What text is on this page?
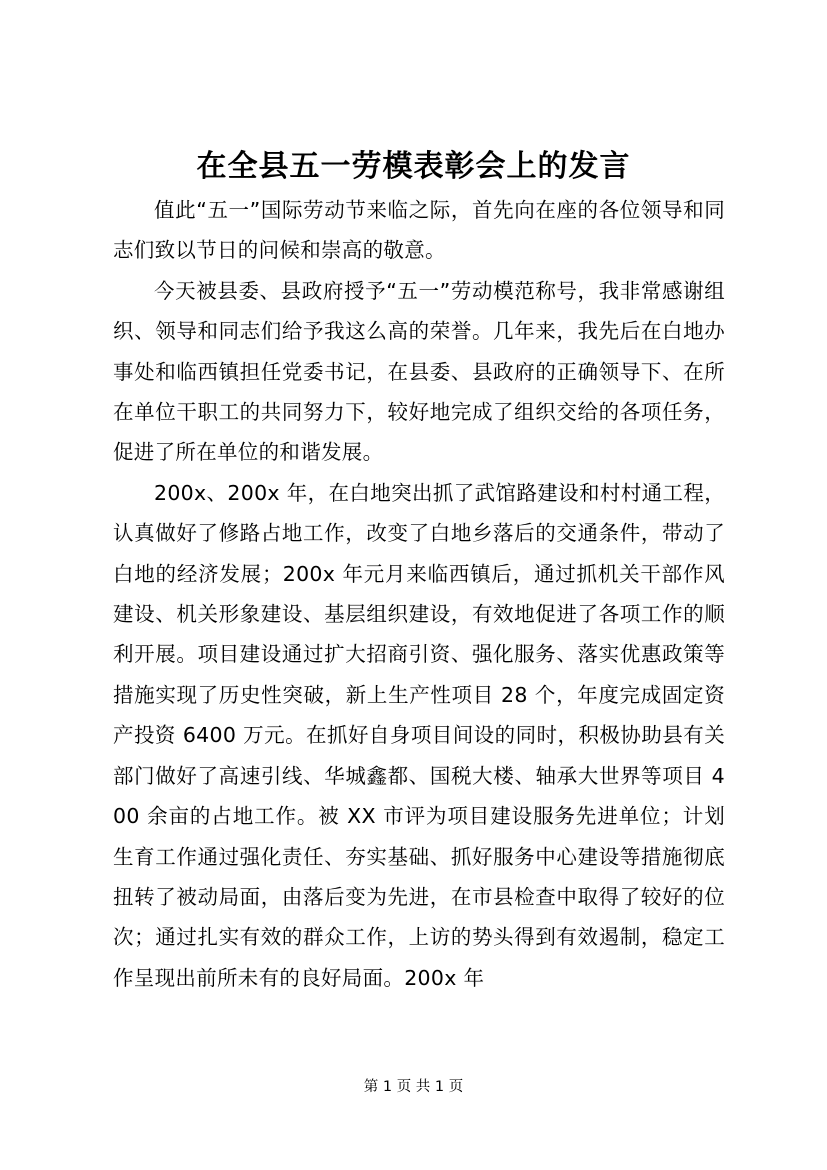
在全县五一劳模表彰会上的发言

值此“五一”国际劳动节来临之际，首先向在座的各位领导和同志们致以节日的问候和崇高的敬意。

今天被县委、县政府授予“五一”劳动模范称号，我非常感谢组织、领导和同志们给予我这么高的荣誉。几年来，我先后在白地办事处和临西镇担任党委书记，在县委、县政府的正确领导下、在所在单位干职工的共同努力下，较好地完成了组织交给的各项任务，促进了所在单位的和谐发展。

200x、200x 年，在白地突出抓了武馆路建设和村村通工程，认真做好了修路占地工作，改变了白地乡落后的交通条件，带动了白地的经济发展；200x 年元月来临西镇后，通过抓机关干部作风建设、机关形象建设、基层组织建设，有效地促进了各项工作的顺利开展。项目建设通过扩大招商引资、强化服务、落实优惠政策等措施实现了历史性突破，新上生产性项目 28 个，年度完成固定资产投资 6400 万元。在抓好自身项目间设的同时，积极协助县有关部门做好了高速引线、华城鑫都、国税大楼、轴承大世界等项目 400 余亩的占地工作。被 XX 市评为项目建设服务先进单位；计划生育工作通过强化责任、夯实基础、抓好服务中心建设等措施彻底扭转了被动局面，由落后变为先进，在市县检查中取得了较好的位次；通过扎实有效的群众工作，上访的势头得到有效遏制，稳定工作呈现出前所未有的良好局面。200x 年

第 1 页 共 1 页
